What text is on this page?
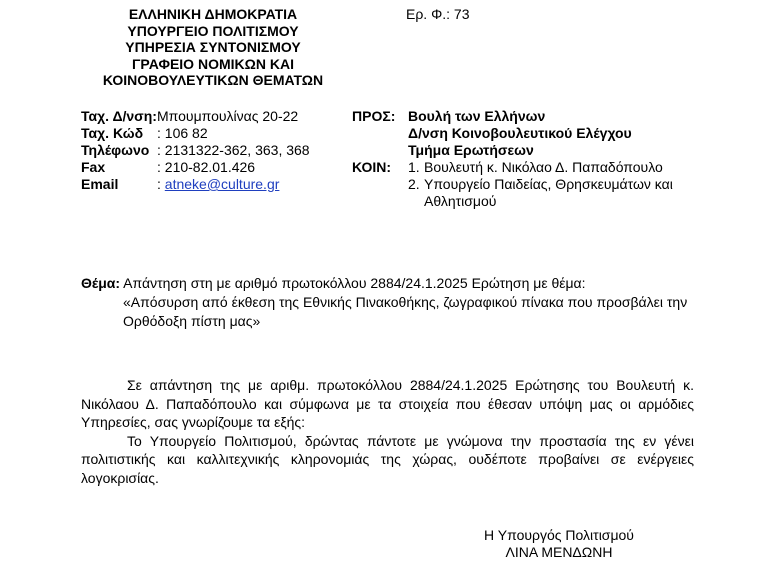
ΕΛΛΗΝΙΚΗ ΔΗΜΟΚΡΑΤΙΑ
ΥΠΟΥΡΓΕΙΟ ΠΟΛΙΤΙΣΜΟΥ
ΥΠΗΡΕΣΙΑ ΣΥΝΤΟΝΙΣΜΟΥ
ΓΡΑΦΕΙΟ ΝΟΜΙΚΩΝ ΚΑΙ
ΚΟΙΝΟΒΟΥΛΕΥΤΙΚΩΝ ΘΕΜΑΤΩΝ
Ερ. Φ.: 73
Ταχ. Δ/νση: Μπουμπουλίνας 20-22
Ταχ. Κώδ : 106 82
Τηλέφωνο : 2131322-362, 363, 368
Fax	: 210-82.01.426
Email	: atneke@culture.gr
ΠΡΟΣ: Βουλή των Ελλήνων
Δ/νση Κοινοβουλευτικού Ελέγχου
Τμήμα Ερωτήσεων
ΚΟΙΝ:	1. Βουλευτή κ. Νικόλαο Δ. Παπαδόπουλο
2. Υπουργείο Παιδείας, Θρησκευμάτων και Αθλητισμού
Θέμα: Απάντηση στη με αριθμό πρωτοκόλλου 2884/24.1.2025 Ερώτηση με θέμα:
«Απόσυρση από έκθεση της Εθνικής Πινακοθήκης, ζωγραφικού πίνακα που προσβάλει την Ορθόδοξη πίστη μας»

Σε απάντηση της με αριθμ. πρωτοκόλλου 2884/24.1.2025 Ερώτησης του Βουλευτή κ. Νικόλαου Δ. Παπαδόπουλο και σύμφωνα με τα στοιχεία που έθεσαν υπόψη μας οι αρμόδιες Υπηρεσίες, σας γνωρίζουμε τα εξής:

Το Υπουργείο Πολιτισμού, δρώντας πάντοτε με γνώμονα την προστασία της εν γένει πολιτιστικής και καλλιτεχνικής κληρονομιάς της χώρας, ουδέποτε προβαίνει σε ενέργειες λογοκρισίας.

Η Υπουργός Πολιτισμού
ΛΙΝΑ ΜΕΝΔΩΝΗ
